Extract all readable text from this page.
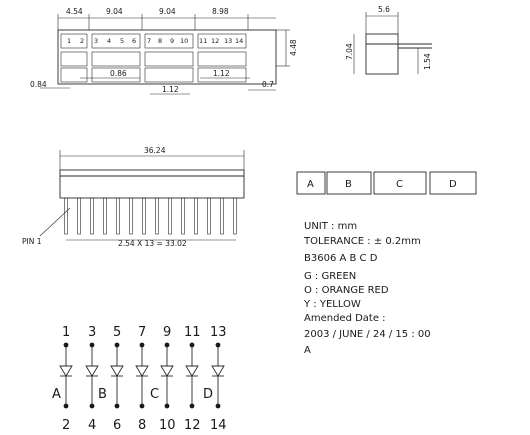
4.54	9.04	9.04	8.98
1 2 3 4 5 6 7 8 9 10 11 12 13 14	4.48
0.84
0.86
1.12
1.12
0.7
5.6
7.04
1.54
36.24
PIN 1	2.54 X 13 = 33.02
A	B	C	D
UNIT : mm
TOLERANCE : ± 0.2mm
B3606 A B C D
G : GREEN
O : ORANGE RED
Y : YELLOW
Amended Date :
2003 / JUNE / 24 / 15 : 00
A
1 3 5 7 9 11 13
2 4 6 8 10 12 14
A	B	C	D
